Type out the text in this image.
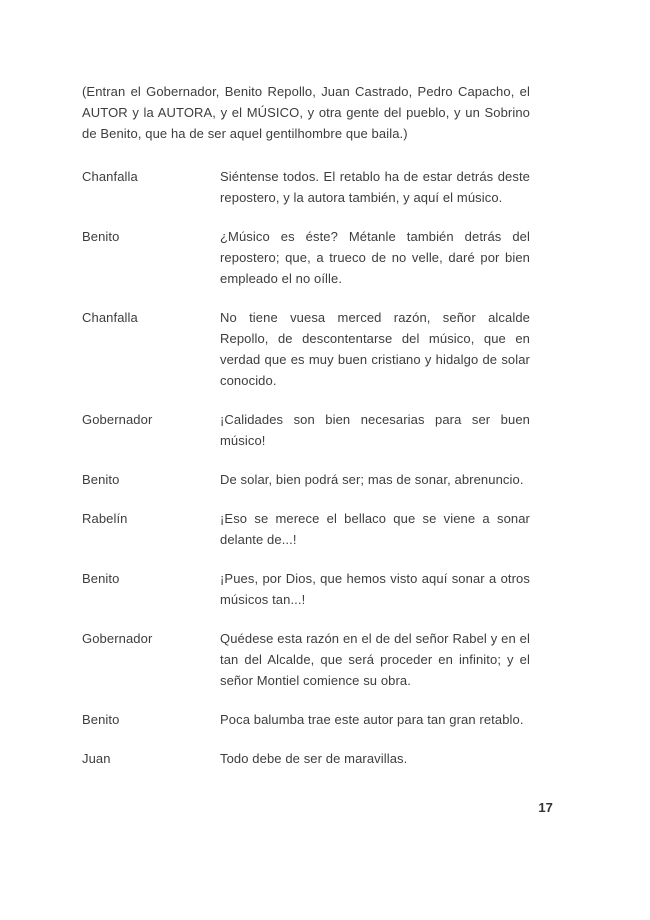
(Entran el Gobernador, Benito Repollo, Juan Castrado, Pedro Capacho, el AUTOR y la AUTORA, y el MÚSICO, y otra gente del pueblo, y un Sobrino de Benito, que ha de ser aquel gentilhombre que baila.)

Chanfalla	Siéntense todos. El retablo ha de estar detrás deste repostero, y la autora también, y aquí el músico.
Benito	¿Músico es éste? Métanle también detrás del repostero; que, a trueco de no velle, daré por bien empleado el no oílle.
Chanfalla	No tiene vuesa merced razón, señor alcalde Repollo, de descontentarse del músico, que en verdad que es muy buen cristiano y hidalgo de solar conocido.
Gobernador	¡Calidades son bien necesarias para ser buen músico!
Benito	De solar, bien podrá ser; mas de sonar, abrenuncio.
Rabelín	¡Eso se merece el bellaco que se viene a sonar delante de...!
Benito	¡Pues, por Dios, que hemos visto aquí sonar a otros músicos tan...!
Gobernador	Quédese esta razón en el de del señor Rabel y en el tan del Alcalde, que será proceder en infinito; y el señor Montiel comience su obra.
Benito	Poca balumba trae este autor para tan gran retablo.
Juan	Todo debe de ser de maravillas.
17
